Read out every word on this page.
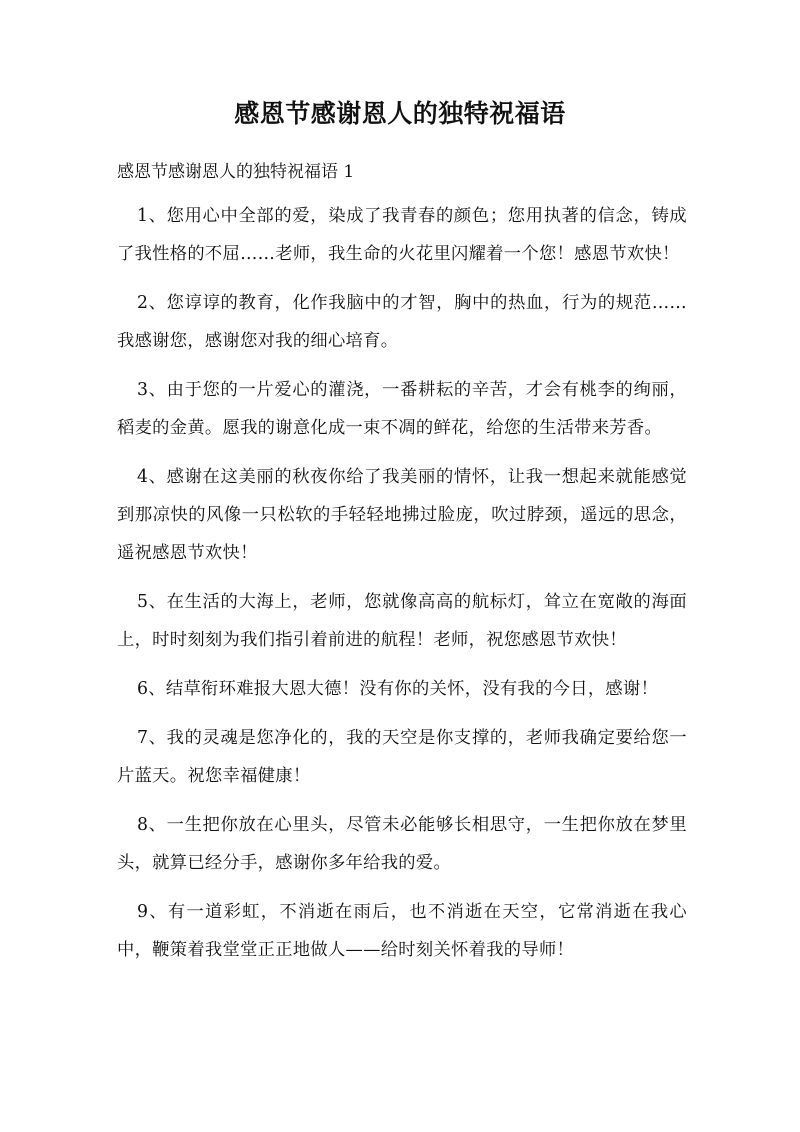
感恩节感谢恩人的独特祝福语

感恩节感谢恩人的独特祝福语 1

1、您用心中全部的爱，染成了我青春的颜色；您用执著的信念，铸成了我性格的不屈……老师，我生命的火花里闪耀着一个您！感恩节欢快！

2、您谆谆的教育，化作我脑中的才智，胸中的热血，行为的规范……我感谢您，感谢您对我的细心培育。

3、由于您的一片爱心的灌浇，一番耕耘的辛苦，才会有桃李的绚丽，稻麦的金黄。愿我的谢意化成一束不凋的鲜花，给您的生活带来芳香。

4、感谢在这美丽的秋夜你给了我美丽的情怀，让我一想起来就能感觉到那凉快的风像一只松软的手轻轻地拂过脸庞，吹过脖颈，遥远的思念，遥祝感恩节欢快！

5、在生活的大海上，老师，您就像高高的航标灯，耸立在宽敞的海面上，时时刻刻为我们指引着前进的航程！老师，祝您感恩节欢快！

6、结草衔环难报大恩大德！没有你的关怀，没有我的今日，感谢！

7、我的灵魂是您净化的，我的天空是你支撑的，老师我确定要给您一片蓝天。祝您幸福健康！

8、一生把你放在心里头，尽管未必能够长相思守，一生把你放在梦里头，就算已经分手，感谢你多年给我的爱。

9、有一道彩虹，不消逝在雨后，也不消逝在天空，它常消逝在我心中，鞭策着我堂堂正正地做人——给时刻关怀着我的导师！
